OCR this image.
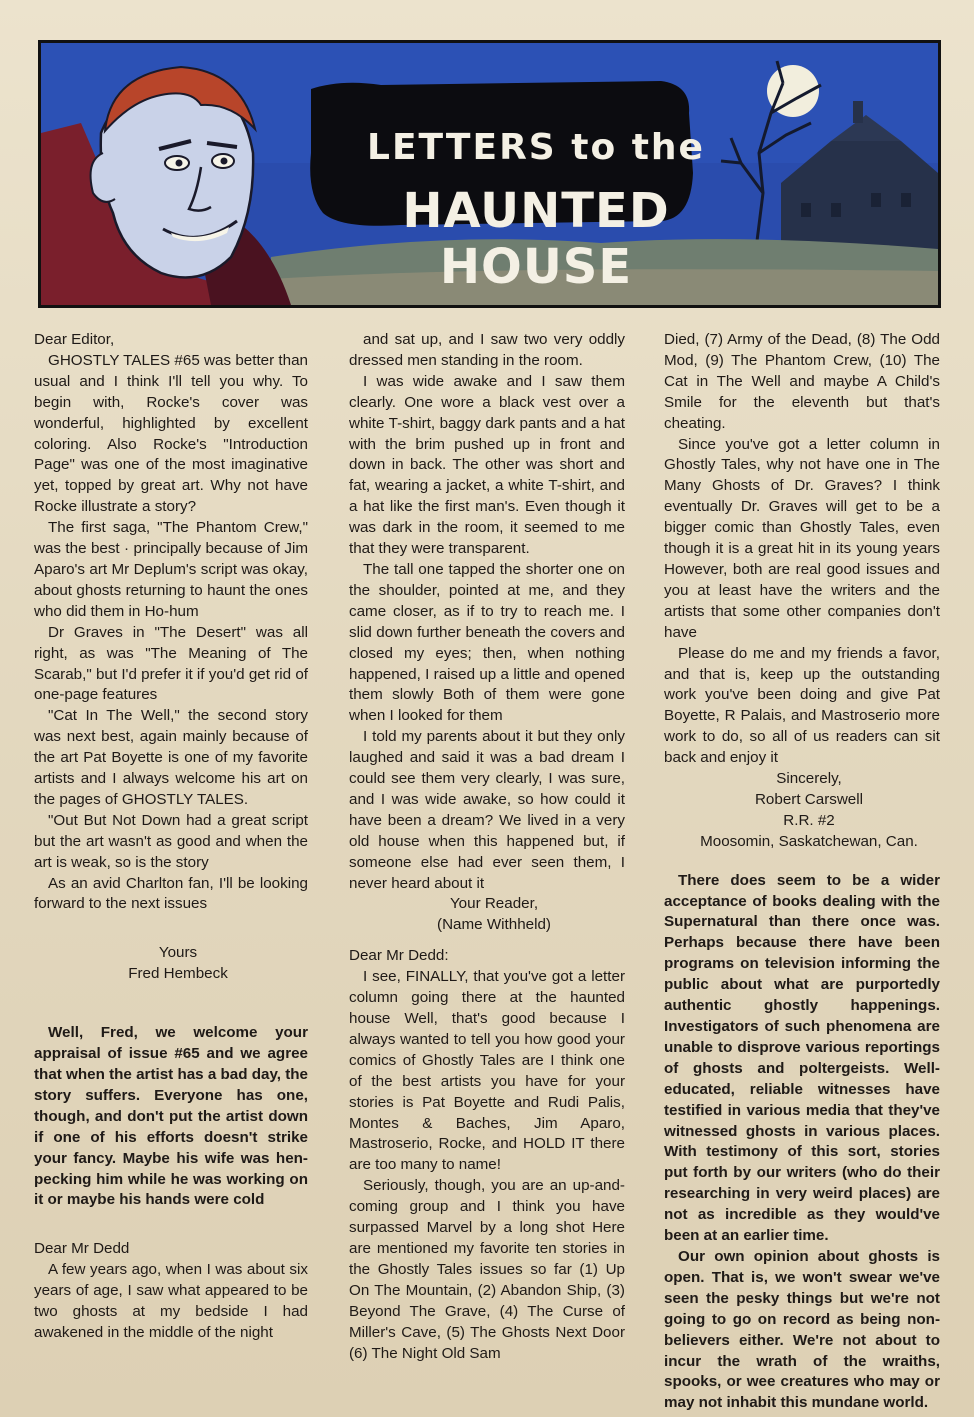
LETTERS to the
HAUNTED HOUSE

Dear Editor,

GHOSTLY TALES #65 was better than usual and I think I'll tell you why. To begin with, Rocke's cover was wonderful, highlighted by excellent coloring. Also Rocke's "Introduction Page" was one of the most imaginative yet, topped by great art. Why not have Rocke illustrate a story?

The first saga, "The Phantom Crew," was the best · principally because of Jim Aparo's art Mr Deplum's script was okay, about ghosts returning to haunt the ones who did them in Ho-hum

Dr Graves in "The Desert" was all right, as was "The Meaning of The Scarab," but I'd prefer it if you'd get rid of one-page features

"Cat In The Well," the second story was next best, again mainly because of the art Pat Boyette is one of my favorite artists and I always welcome his art on the pages of GHOSTLY TALES.

"Out But Not Down had a great script but the art wasn't as good and when the art is weak, so is the story

As an avid Charlton fan, I'll be looking forward to the next issues

Yours

Fred Hembeck

Well, Fred, we welcome your appraisal of issue #65 and we agree that when the artist has a bad day, the story suffers. Everyone has one, though, and don't put the artist down if one of his efforts doesn't strike your fancy. Maybe his wife was hen-pecking him while he was working on it or maybe his hands were cold

Dear Mr Dedd

A few years ago, when I was about six years of age, I saw what appeared to be two ghosts at my bedside I had awakened in the middle of the night

and sat up, and I saw two very oddly dressed men standing in the room.

I was wide awake and I saw them clearly. One wore a black vest over a white T-shirt, baggy dark pants and a hat with the brim pushed up in front and down in back. The other was short and fat, wearing a jacket, a white T-shirt, and a hat like the first man's. Even though it was dark in the room, it seemed to me that they were transparent.

The tall one tapped the shorter one on the shoulder, pointed at me, and they came closer, as if to try to reach me. I slid down further beneath the covers and closed my eyes; then, when nothing happened, I raised up a little and opened them slowly Both of them were gone when I looked for them

I told my parents about it but they only laughed and said it was a bad dream I could see them very clearly, I was sure, and I was wide awake, so how could it have been a dream? We lived in a very old house when this happened but, if someone else had ever seen them, I never heard about it

Your Reader,

(Name Withheld)

Dear Mr Dedd:

I see, FINALLY, that you've got a letter column going there at the haunted house Well, that's good because I always wanted to tell you how good your comics of Ghostly Tales are I think one of the best artists you have for your stories is Pat Boyette and Rudi Palis, Montes & Baches, Jim Aparo, Mastroserio, Rocke, and HOLD IT there are too many to name!

Seriously, though, you are an up-and-coming group and I think you have surpassed Marvel by a long shot Here are mentioned my favorite ten stories in the Ghostly Tales issues so far (1) Up On The Mountain, (2) Abandon Ship, (3) Beyond The Grave, (4) The Curse of Miller's Cave, (5) The Ghosts Next Door (6) The Night Old Sam

Died, (7) Army of the Dead, (8) The Odd Mod, (9) The Phantom Crew, (10) The Cat in The Well and maybe A Child's Smile for the eleventh but that's cheating.

Since you've got a letter column in Ghostly Tales, why not have one in The Many Ghosts of Dr. Graves? I think eventually Dr. Graves will get to be a bigger comic than Ghostly Tales, even though it is a great hit in its young years However, both are real good issues and you at least have the writers and the artists that some other companies don't have

Please do me and my friends a favor, and that is, keep up the outstanding work you've been doing and give Pat Boyette, R Palais, and Mastroserio more work to do, so all of us readers can sit back and enjoy it

Sincerely,

Robert Carswell

R.R. #2

Moosomin, Saskatchewan, Can.

There does seem to be a wider acceptance of books dealing with the Supernatural than there once was. Perhaps because there have been programs on television informing the public about what are purportedly authentic ghostly happenings. Investigators of such phenomena are unable to disprove various reportings of ghosts and poltergeists. Well-educated, reliable witnesses have testified in various media that they've witnessed ghosts in various places. With testimony of this sort, stories put forth by our writers (who do their researching in very weird places) are not as incredible as they would've been at an earlier time.

Our own opinion about ghosts is open. That is, we won't swear we've seen the pesky things but we're not going to go on record as being non-believers either. We're not about to incur the wrath of the wraiths, spooks, or wee creatures who may or may not inhabit this mundane world.
